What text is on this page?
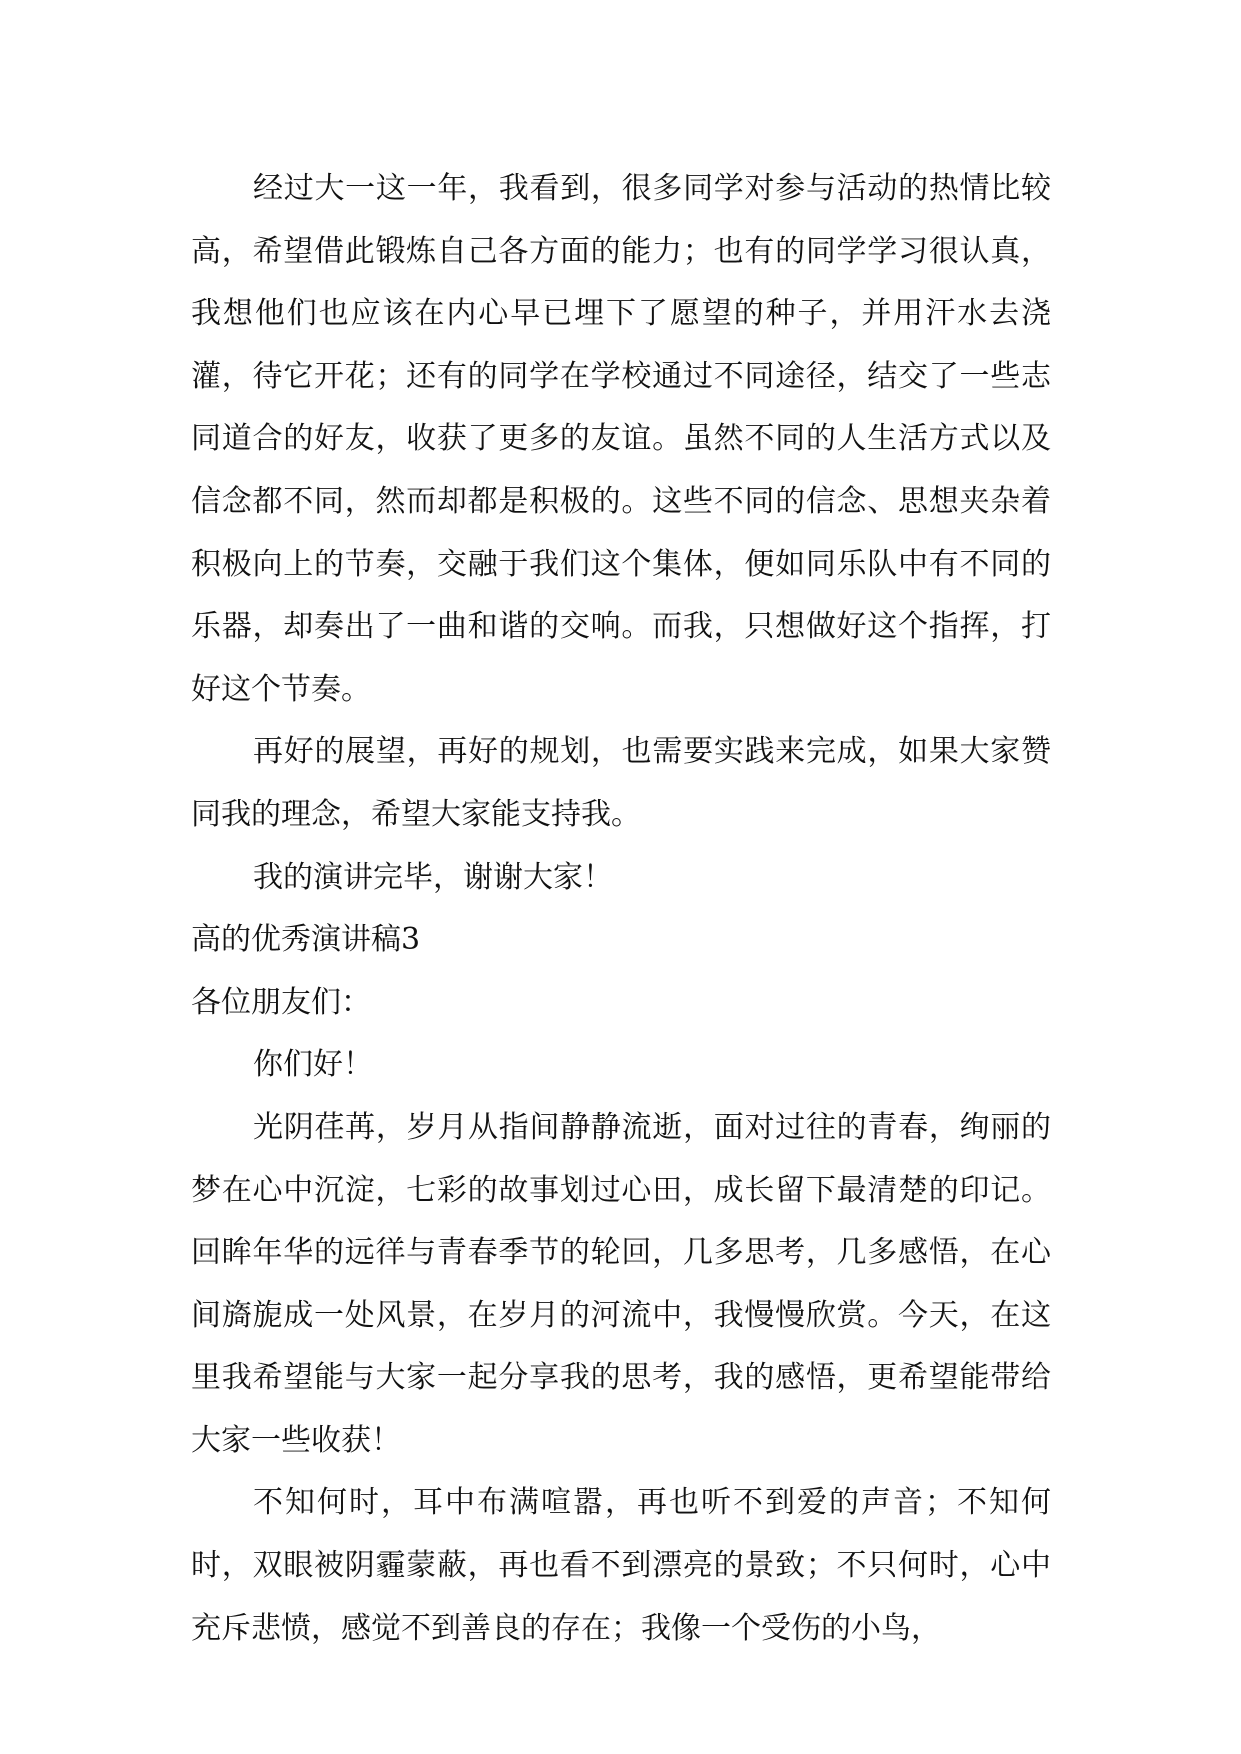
经过大一这一年，我看到，很多同学对参与活动的热情比较高，希望借此锻炼自己各方面的能力；也有的同学学习很认真，我想他们也应该在内心早已埋下了愿望的种子，并用汗水去浇灌，待它开花；还有的同学在学校通过不同途径，结交了一些志同道合的好友，收获了更多的友谊。虽然不同的人生活方式以及信念都不同，然而却都是积极的。这些不同的信念、思想夹杂着积极向上的节奏，交融于我们这个集体，便如同乐队中有不同的乐器，却奏出了一曲和谐的交响。而我，只想做好这个指挥，打好这个节奏。

再好的展望，再好的规划，也需要实践来完成，如果大家赞同我的理念，希望大家能支持我。

我的演讲完毕，谢谢大家！

高的优秀演讲稿3

各位朋友们：

你们好！

光阴荏苒，岁月从指间静静流逝，面对过往的青春，绚丽的梦在心中沉淀，七彩的故事划过心田，成长留下最清楚的印记。回眸年华的远徉与青春季节的轮回，几多思考，几多感悟，在心间旖旎成一处风景，在岁月的河流中，我慢慢欣赏。今天，在这里我希望能与大家一起分享我的思考，我的感悟，更希望能带给大家一些收获！

不知何时，耳中布满喧嚣，再也听不到爱的声音；不知何时，双眼被阴霾蒙蔽，再也看不到漂亮的景致；不只何时，心中充斥悲愤，感觉不到善良的存在；我像一个受伤的小鸟，
